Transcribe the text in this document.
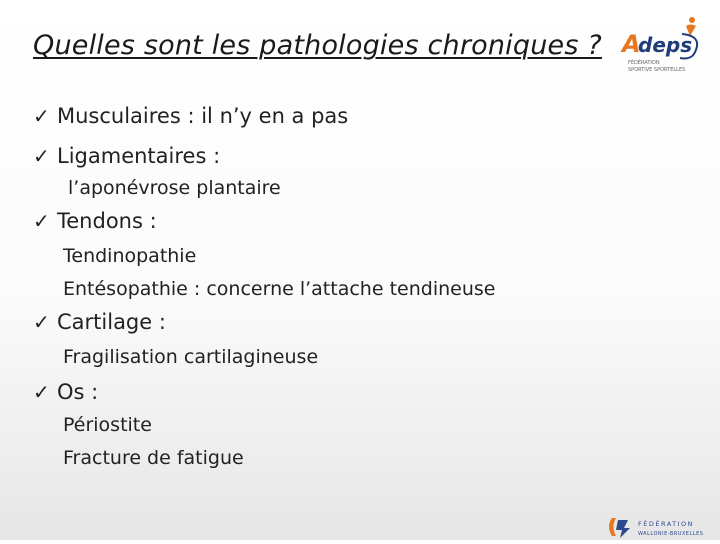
Quelles sont les pathologies chroniques ? A
deps
FÉDÉRATION
SPORTIVE SPORTELLES
✓ Musculaires : il n’y en a pas
✓ Ligamentaires :
l’aponévrose plantaire
✓ Tendons :
Tendinopathie
Entésopathie : concerne l’attache tendineuse
✓ Cartilage :
Fragilisation cartilagineuse
✓ Os :
Périostite
Fracture de fatigue
FÉDÉRATION
WALLONIE-BRUXELLES
